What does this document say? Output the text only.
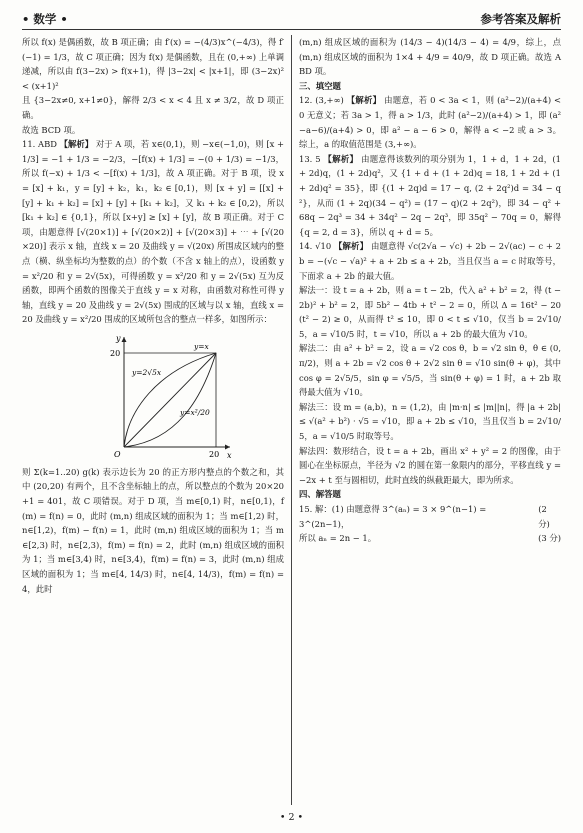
• 数学 •	参考答案及解析

所以 f(x) 是偶函数，故 B 项正确；由 f′(x) = −(4/3)x^(−4/3)，得 f′(−1) = 1/3，故 C 项正确；因为 f(x) 是偶函数，且在 (0,+∞) 上单调递减，所以由 f(3−2x) > f(x+1)，得 |3−2x| < |x+1|，即 (3−2x)² < (x+1)²

且 {3−2x≠0, x+1≠0}，解得 2/3 < x < 4 且 x ≠ 3/2，故 D 项正确。

故选 BCD 项。

11. ABD 【解析】 对于 A 项，若 x∈(0,1)，则 −x∈(−1,0)，则 [x + 1/3] = −1 + 1/3 = −2/3，−[f(x) + 1/3] = −(0 + 1/3) = −1/3，所以 f(−x) + 1/3 < −[f(x) + 1/3]，故 A 项正确。对于 B 项，设 x = [x] + k₁，y = [y] + k₂，k₁，k₂ ∈ [0,1)，则 [x + y] = [[x] + [y] + k₁ + k₂] = [x] + [y] + [k₁ + k₂]，又 k₁ + k₂ ∈ [0,2)，所以 [k₁ + k₂] ∈ {0,1}，所以 [x+y] ≥ [x] + [y]，故 B 项正确。对于 C 项，由题意得 [√(20×1)] + [√(20×2)] + [√(20×3)] + ⋯ + [√(20×20)] 表示 x 轴，直线 x = 20 及曲线 y = √(20x) 所围成区域内的整点（横、纵坐标均为整数的点）的个数（不含 x 轴上的点），设函数 y = x²/20 和 y = 2√(5x)，可得函数 y = x²/20 和 y = 2√(5x) 互为反函数，即两个函数的图像关于直线 y = x 对称，由函数对称性可得 y 轴，直线 y = 20 及曲线 y = 2√(5x) 围成的区域与以 x 轴，直线 x = 20 及曲线 y = x²/20 围成的区域所包含的整点一样多，如图所示：

y
x
O
20
20
y=x
y=2√5x
y=x²/20

则 Σ(k=1..20) g(k) 表示边长为 20 的正方形内整点的个数之和，其中 (20,20) 有两个，且不含坐标轴上的点，所以整点的个数为 20×20+1 = 401，故 C 项错误。对于 D 项，当 m∈[0,1) 时，n∈[0,1)，f(m) = f(n) = 0，此时 (m,n) 组成区域的面积为 1；当 m∈[1,2) 时，n∈[1,2)，f(m) − f(n) = 1，此时 (m,n) 组成区域的面积为 1；当 m∈[2,3) 时，n∈[2,3)，f(m) = f(n) = 2，此时 (m,n) 组成区域的面积为 1；当 m∈[3,4) 时，n∈[3,4)，f(m) = f(n) = 3，此时 (m,n) 组成区域的面积为 1；当 m∈[4, 14/3) 时，n∈[4, 14/3)，f(m) = f(n) = 4，此时

(m,n) 组成区域的面积为 (14/3 − 4)(14/3 − 4) = 4/9，综上，点 (m,n) 组成区域的面积为 1×4 + 4/9 = 40/9，故 D 项正确。故选 ABD 项。

三、填空题

12. (3,+∞) 【解析】 由题意，若 0 < 3a < 1，则 (a²−2)/(a+4) < 0 无意义；若 3a > 1，得 a > 1/3，此时 (a²−2)/(a+4) > 1，即 (a²−a−6)/(a+4) > 0，即 a² − a − 6 > 0，解得 a < −2 或 a > 3。综上，a 的取值范围是 (3,+∞)。

13. 5 【解析】 由题意得该数列的项分别为 1，1 + d，1 + 2d，(1 + 2d)q，(1 + 2d)q²，又 {1 + d + (1 + 2d)q = 18, 1 + 2d + (1 + 2d)q² = 35}，即 {(1 + 2q)d = 17 − q, (2 + 2q²)d = 34 − q²}，从而 (1 + 2q)(34 − q²) = (17 − q)(2 + 2q²)，即 34 − q² + 68q − 2q³ = 34 + 34q² − 2q − 2q³，即 35q² − 70q = 0，解得 {q = 2, d = 3}，所以 q + d = 5。

14. √10 【解析】 由题意得 √c(2√a − √c) + 2b − 2√(ac) − c + 2b = −(√c − √a)² + a + 2b ≤ a + 2b，当且仅当 a = c 时取等号，下面求 a + 2b 的最大值。

解法一：设 t = a + 2b，则 a = t − 2b，代入 a² + b² = 2，得 (t − 2b)² + b² = 2，即 5b² − 4tb + t² − 2 = 0，所以 Δ = 16t² − 20(t² − 2) ≥ 0，从而得 t² ≤ 10，即 0 < t ≤ √10，仅当 b = 2√10/5，a = √10/5 时，t = √10，所以 a + 2b 的最大值为 √10。

解法二：由 a² + b² = 2，设 a = √2 cos θ，b = √2 sin θ，θ ∈ (0, π/2)，则 a + 2b = √2 cos θ + 2√2 sin θ = √10 sin(θ + φ)，其中 cos φ = 2√5/5，sin φ = √5/5，当 sin(θ + φ) = 1 时，a + 2b 取得最大值为 √10。

解法三：设 m = (a,b)，n = (1,2)，由 |m·n| ≤ |m||n|，得 |a + 2b| ≤ √(a² + b²) · √5 = √10，即 a + 2b ≤ √10，当且仅当 b = 2√10/5，a = √10/5 时取等号。

解法四：数形结合，设 t = a + 2b，画出 x² + y² = 2 的图像，由于圆心在坐标原点，半径为 √2 的圆在第一象限内的部分，平移直线 y = −2x + t 至与圆相切，此时直线的纵截距最大，即为所求。

四、解答题

15. 解：(1) 由题意得 3^(aₙ) = 3 × 9^(n−1) = 3^(2n−1)，
(2 分)
所以 aₙ = 2n − 1。	(3 分)
• 2 •
